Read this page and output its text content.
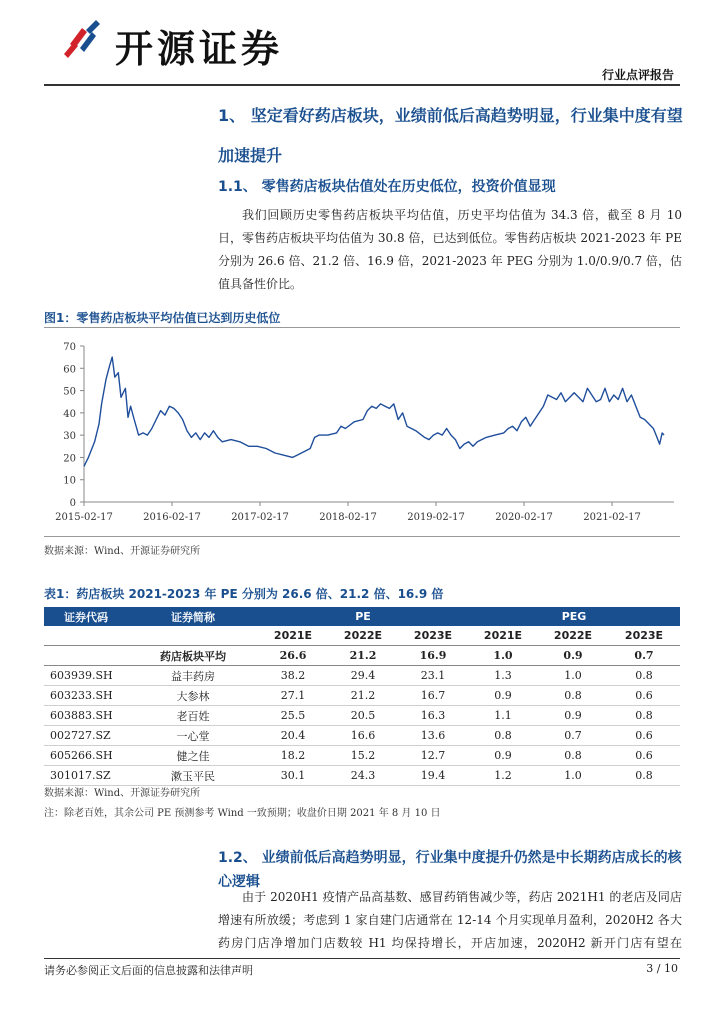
开源证券
行业点评报告
1、 坚定看好药店板块，业绩前低后高趋势明显，行业集中度有望加速提升
1.1、 零售药店板块估值处在历史低位，投资价值显现
我们回顾历史零售药店板块平均估值，历史平均估值为 34.3 倍，截至 8 月 10 日，零售药店板块平均估值为 30.8 倍，已达到低位。零售药店板块 2021-2023 年 PE 分别为 26.6 倍、21.2 倍、16.9 倍，2021-2023 年 PEG 分别为 1.0/0.9/0.7 倍，估值具备性价比。
图1：零售药店板块平均估值已达到历史低位
0
10
20
30
40
50
60
70
2015-02-17	2016-02-17	2017-02-17	2018-02-17	2019-02-17	2020-02-17	2021-02-17
数据来源：Wind、开源证券研究所
表1：药店板块 2021-2023 年 PE 分别为 26.6 倍、21.2 倍、16.9 倍
证券代码	证券简称	PE			PEG		
		2021E	2022E	2023E	2021E	2022E	2023E
	药店板块平均	26.6	21.2	16.9	1.0	0.9	0.7
603939.SH	益丰药房	38.2	29.4	23.1	1.3	1.0	0.8
603233.SH	大参林	27.1	21.2	16.7	0.9	0.8	0.6
603883.SH	老百姓	25.5	20.5	16.3	1.1	0.9	0.8
002727.SZ	一心堂	20.4	16.6	13.6	0.8	0.7	0.6
605266.SH	健之佳	18.2	15.2	12.7	0.9	0.8	0.6
301017.SZ	漱玉平民	30.1	24.3	19.4	1.2	1.0	0.8
数据来源：Wind、开源证券研究所
注：除老百姓，其余公司 PE 预测参考 Wind 一致预期；收盘价日期 2021 年 8 月 10 日
1.2、 业绩前低后高趋势明显，行业集中度提升仍然是中长期药店成长的核心逻辑
由于 2020H1 疫情产品高基数、感冒药销售减少等，药店 2021H1 的老店及同店增速有所放缓；考虑到 1 家自建门店通常在 12-14 个月实现单月盈利，2020H2 各大药房门店净增加门店数较 H1 均保持增长，开店加速，2020H2 新开门店有望在
请务必参阅正文后面的信息披露和法律声明	3 / 10
